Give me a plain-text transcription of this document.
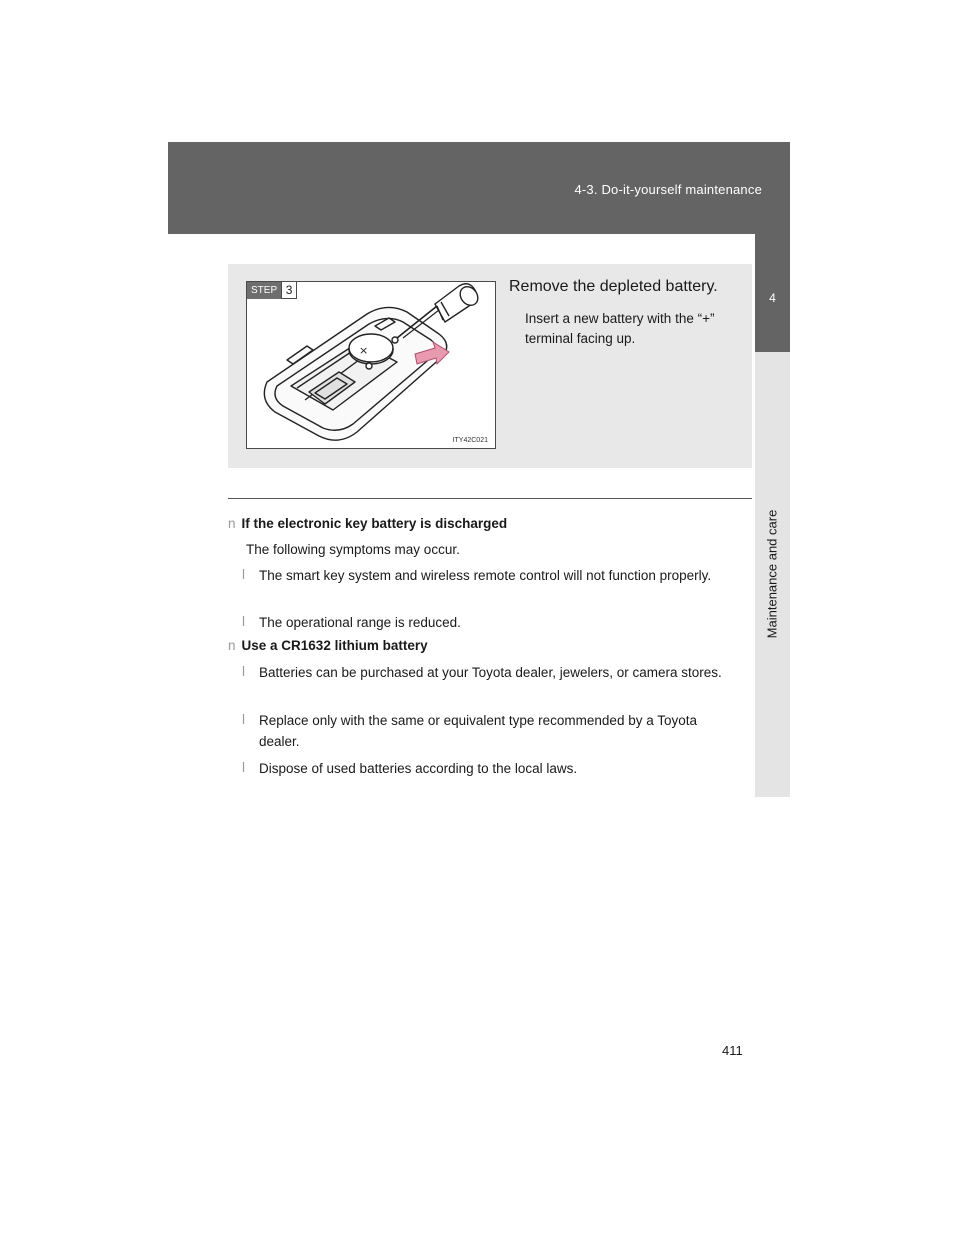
4-3. Do-it-yourself maintenance
4
Maintenance and care
×
STEP 3
ITY42C021
Remove the depleted battery.
Insert a new battery with the “+” terminal facing up.
n If the electronic key battery is discharged
The following symptoms may occur.
l The smart key system and wireless remote control will not function properly.
l The operational range is reduced.
n Use a CR1632 lithium battery
l Batteries can be purchased at your Toyota dealer, jewelers, or camera stores.
l Replace only with the same or equivalent type recommended by a Toyota dealer.
l Dispose of used batteries according to the local laws.
411
